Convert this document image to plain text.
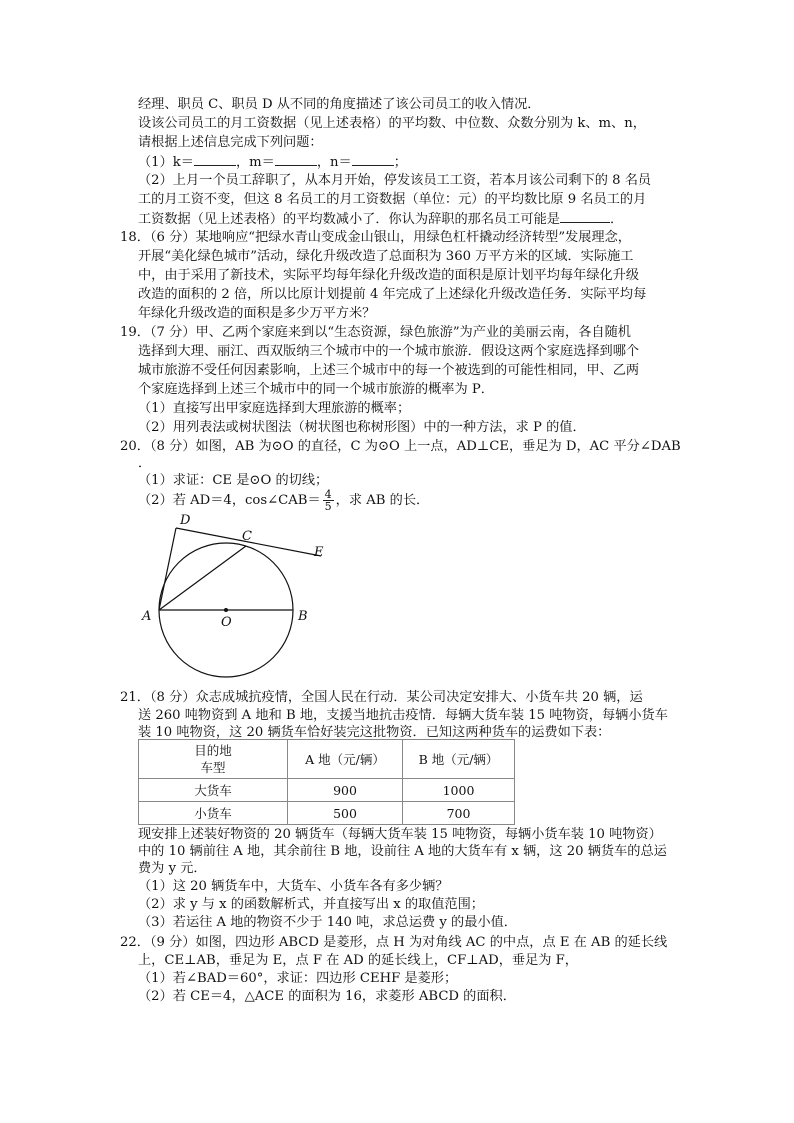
经理、职员 C、职员 D 从不同的角度描述了该公司员工的收入情况．
设该公司员工的月工资数据（见上述表格）的平均数、中位数、众数分别为 k、m、n，
请根据上述信息完成下列问题：
（1）k＝	，m＝	，n＝	；
（2）上月一个员工辞职了，从本月开始，停发该员工工资，若本月该公司剩下的 8 名员
工的月工资不变，但这 8 名员工的月工资数据（单位：元）的平均数比原 9 名员工的月
工资数据（见上述表格）的平均数减小了．你认为辞职的那名员工可能是	．
18．（6 分）某地响应“把绿水青山变成金山银山，用绿色杠杆撬动经济转型”发展理念，
开展“美化绿色城市”活动，绿化升级改造了总面积为 360 万平方米的区域．实际施工
中，由于采用了新技术，实际平均每年绿化升级改造的面积是原计划平均每年绿化升级
改造的面积的 2 倍，所以比原计划提前 4 年完成了上述绿化升级改造任务．实际平均每
年绿化升级改造的面积是多少万平方米？
19．（7 分）甲、乙两个家庭来到以“生态资源，绿色旅游”为产业的美丽云南，各自随机
选择到大理、丽江、西双版纳三个城市中的一个城市旅游．假设这两个家庭选择到哪个
城市旅游不受任何因素影响，上述三个城市中的每一个被选到的可能性相同，甲、乙两
个家庭选择到上述三个城市中的同一个城市旅游的概率为 P．
（1）直接写出甲家庭选择到大理旅游的概率；
（2）用列表法或树状图法（树状图也称树形图）中的一种方法，求 P 的值．
20．（8 分）如图，AB 为⊙O 的直径，C 为⊙O 上一点，AD⊥CE，垂足为 D，AC 平分∠DAB
．
（1）求证：CE 是⊙O 的切线；
（2）若 AD＝4，cos∠CAB＝ $\frac{4}{5}$ ，求 AB 的长．
D
C
E
A	O	B
21．（8 分）众志成城抗疫情，全国人民在行动．某公司决定安排大、小货车共 20 辆，运
送 260 吨物资到 A 地和 B 地，支援当地抗击疫情．每辆大货车装 15 吨物资，每辆小货车
装 10 吨物资，这 20 辆货车恰好装完这批物资．已知这两种货车的运费如下表：
目的地
车型	A 地（元/辆）	B 地（元/辆）
大货车	900	1000
小货车	500	700
现安排上述装好物资的 20 辆货车（每辆大货车装 15 吨物资，每辆小货车装 10 吨物资）
中的 10 辆前往 A 地，其余前往 B 地，设前往 A 地的大货车有 x 辆，这 20 辆货车的总运
费为 y 元．
（1）这 20 辆货车中，大货车、小货车各有多少辆？
（2）求 y 与 x 的函数解析式，并直接写出 x 的取值范围；
（3）若运往 A 地的物资不少于 140 吨，求总运费 y 的最小值．
22．（9 分）如图，四边形 ABCD 是菱形，点 H 为对角线 AC 的中点，点 E 在 AB 的延长线
上，CE⊥AB，垂足为 E，点 F 在 AD 的延长线上，CF⊥AD，垂足为 F，
（1）若∠BAD＝60°，求证：四边形 CEHF 是菱形；
（2）若 CE＝4，△ACE 的面积为 16，求菱形 ABCD 的面积．
